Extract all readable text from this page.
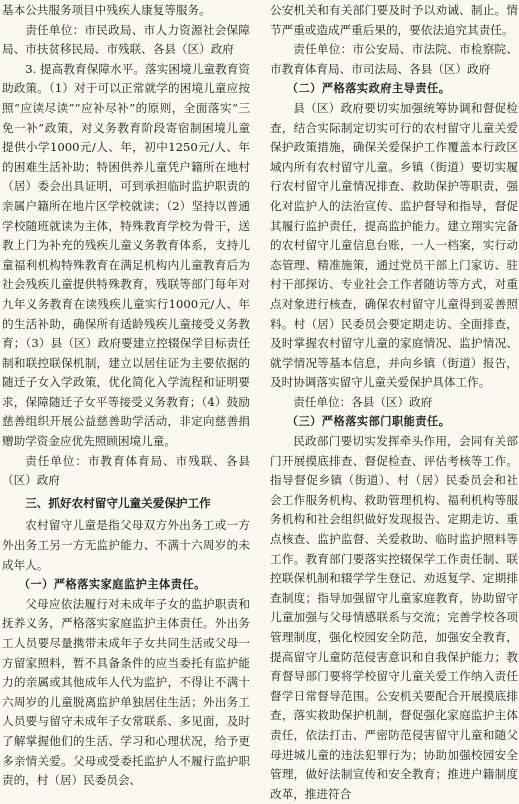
基本公共服务项目中残疾人康复等服务。

责任单位：市民政局、市人力资源社会保障局、市扶贫移民局、市残联、各县（区）政府

3. 提高教育保障水平。落实困境儿童教育资助政策。（1）对于可以正常就学的困境儿童应按照“应读尽读”“应补尽补”的原则，全面落实“三免一补”政策，对义务教育阶段寄宿制困境儿童提供小学1000元/人、年，初中1250元/人、年的困难生活补助；特困供养儿童凭户籍所在地村（居）委会出具证明，可到承担临时监护职责的亲属户籍所在地片区学校就读；（2）坚持以普通学校随班就读为主体，特殊教育学校为骨干，送教上门为补充的残疾儿童义务教育体系，支持儿童福利机构特殊教育在满足机构内儿童教育后为社会残疾儿童提供特殊教育，残联等部门每年对九年义务教育在读残疾儿童实行1000元/人、年的生活补助，确保所有适龄残疾儿童接受义务教育；（3）县（区）政府要建立控辍保学目标责任制和联控联保机制，建立以居住证为主要依据的随迁子女入学政策，优化简化入学流程和证明要求，保障随迁子女平等接受义务教育；（4）鼓励慈善组织开展公益慈善助学活动，非定向慈善捐赠助学资金应优先照顾困境儿童。

责任单位：市教育体育局、市残联、各县（区）政府

三、抓好农村留守儿童关爱保护工作

农村留守儿童是指父母双方外出务工或一方外出务工另一方无监护能力、不满十六周岁的未成年人。

（一）严格落实家庭监护主体责任。

父母应依法履行对未成年子女的监护职责和抚养义务，严格落实家庭监护主体责任。外出务工人员要尽量携带未成年子女共同生活或父母一方留家照料，暂不具备条件的应当委托有监护能力的亲属或其他成年人代为监护，不得让不满十六周岁的儿童脱离监护单独居住生活；外出务工人员要与留守未成年子女常联系、多见面，及时了解掌握他们的生活、学习和心理状况，给予更多亲情关爱。父母或受委托监护人不履行监护职责的，村（居）民委员会、

公安机关和有关部门要及时予以劝诫、制止。情节严重或造成严重后果的，要依法追究其责任。

责任单位：市公安局、市法院、市检察院、市教育体育局、市司法局、各县（区）政府

（二）严格落实政府主导责任。

县（区）政府要切实加强统筹协调和督促检查，结合实际制定切实可行的农村留守儿童关爱保护政策措施，确保关爱保护工作覆盖本行政区域内所有农村留守儿童。乡镇（街道）要切实履行农村留守儿童情况排查、救助保护等职责，强化对监护人的法治宣传、监护督导和指导，督促其履行监护责任，提高监护能力。建立翔实完备的农村留守儿童信息台账，一人一档案，实行动态管理、精准施策，通过党员干部上门家访、驻村干部探访、专业社会工作者随访等方式，对重点对象进行核查，确保农村留守儿童得到妥善照料。村（居）民委员会要定期走访、全面排查，及时掌握农村留守儿童的家庭情况、监护情况、就学情况等基本信息，并向乡镇（街道）报告，及时协调落实留守儿童关爱保护具体工作。

责任单位：各县（区）政府

（三）严格落实部门职能责任。

民政部门要切实发挥牵头作用，会同有关部门开展摸底排查、督促检查、评估考核等工作。指导督促乡镇（街道）、村（居）民委员会和社会工作服务机构、救助管理机构、福利机构等服务机构和社会组织做好发现报告、定期走访、重点核查、监护监督、关爱救助、临时监护照料等工作。教育部门要落实控辍保学工作责任制、联控联保机制和辍学学生登记、劝返复学、定期排查制度；指导加强留守儿童家庭教育，协助留守儿童加强与父母情感联系与交流；完善学校各项管理制度，强化校园安全防范，加强安全教育，提高留守儿童防范侵害意识和自我保护能力；教育督导部门要将学校留守儿童关爱工作纳入责任督学日常督导范围。公安机关要配合开展摸底排查，落实救助保护机制，督促强化家庭监护主体责任，依法打击、严密防范侵害留守儿童和随父母进城儿童的违法犯罪行为；协助加强校园安全管理，做好法制宣传和安全教育；推进户籍制度改革，推进符合
